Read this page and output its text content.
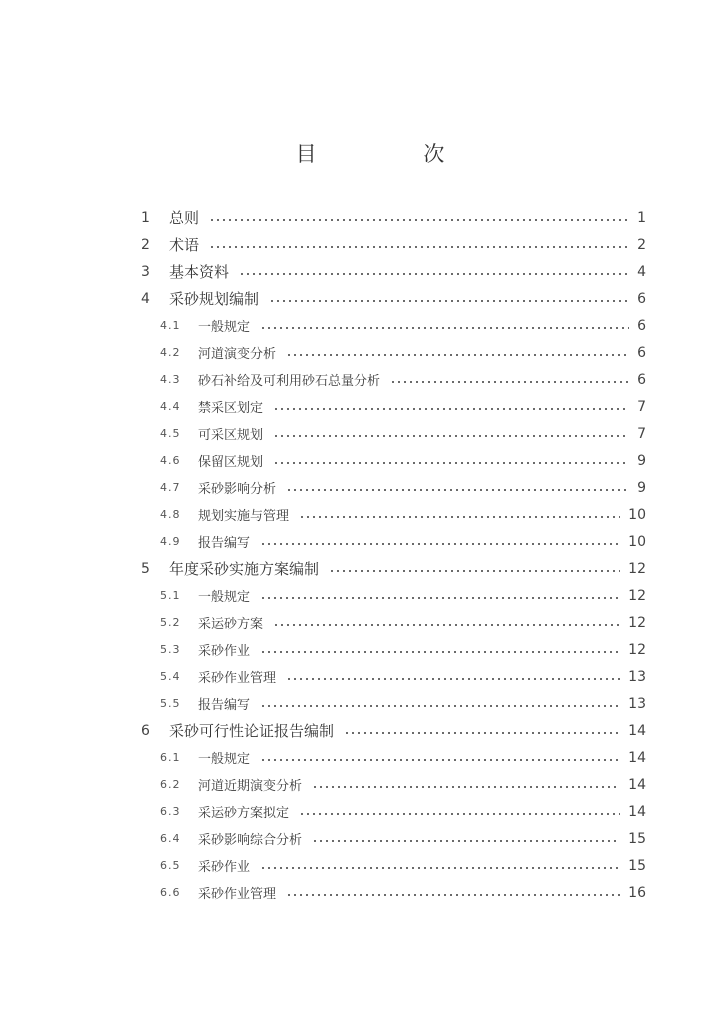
目 次
1 总则	1
2 术语	2
3 基本资料	4
4 采砂规划编制	6
4.1 一般规定	6
4.2 河道演变分析	6
4.3 砂石补给及可利用砂石总量分析	6
4.4 禁采区划定	7
4.5 可采区规划	7
4.6 保留区规划	9
4.7 采砂影响分析	9
4.8 规划实施与管理	10
4.9 报告编写	10
5 年度采砂实施方案编制	12
5.1 一般规定	12
5.2 采运砂方案	12
5.3 采砂作业	12
5.4 采砂作业管理	13
5.5 报告编写	13
6 采砂可行性论证报告编制	14
6.1 一般规定	14
6.2 河道近期演变分析	14
6.3 采运砂方案拟定	14
6.4 采砂影响综合分析	15
6.5 采砂作业	15
6.6 采砂作业管理	16
